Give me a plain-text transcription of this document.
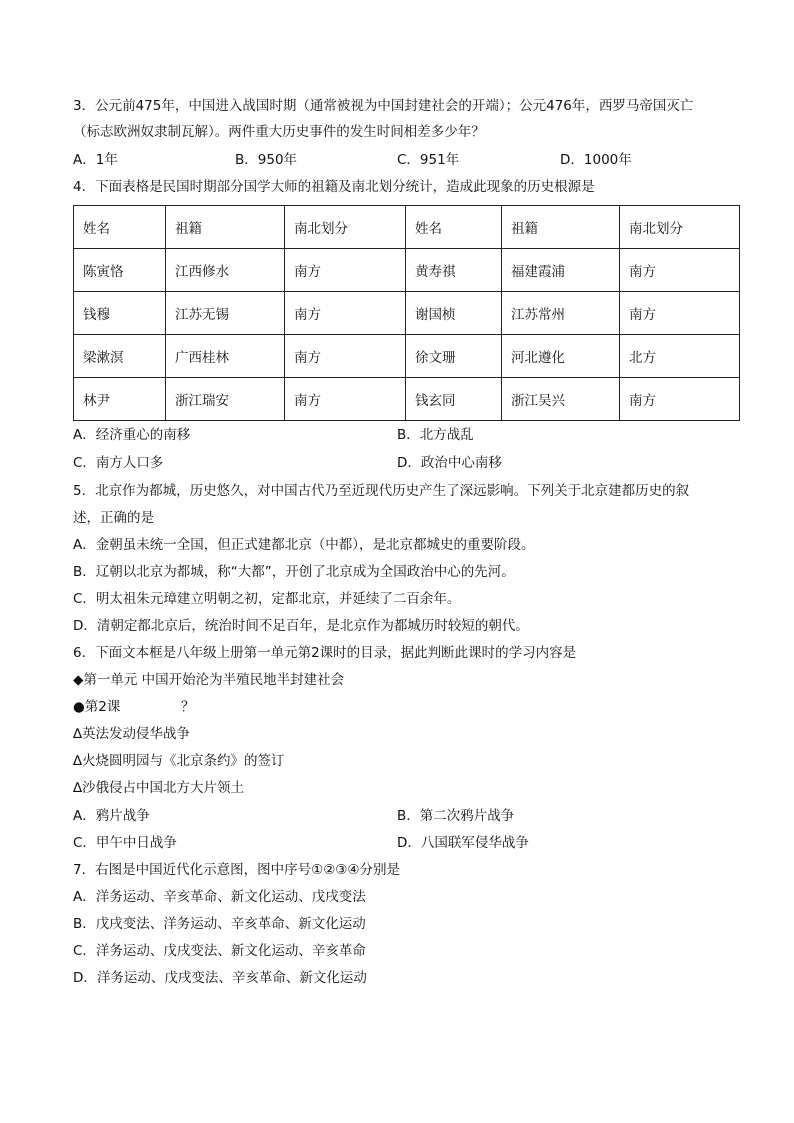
3．公元前475年，中国进入战国时期（通常被视为中国封建社会的开端）；公元476年，西罗马帝国灭亡
（标志欧洲奴隶制瓦解）。两件重大历史事件的发生时间相差多少年？
A．1年	B．950年	C．951年	D．1000年
4．下面表格是民国时期部分国学大师的祖籍及南北划分统计，造成此现象的历史根源是
姓名	祖籍	南北划分	姓名	祖籍	南北划分
陈寅恪	江西修水	南方	黄寿祺	福建霞浦	南方
钱穆	江苏无锡	南方	谢国桢	江苏常州	南方
梁漱溟	广西桂林	南方	徐文珊	河北遵化	北方
林尹	浙江瑞安	南方	钱玄同	浙江吴兴	南方
A．经济重心的南移	B．北方战乱
C．南方人口多	D．政治中心南移
5．北京作为都城，历史悠久，对中国古代乃至近现代历史产生了深远影响。下列关于北京建都历史的叙
述，正确的是
A．金朝虽未统一全国，但正式建都北京（中都），是北京都城史的重要阶段。
B．辽朝以北京为都城，称“大都”，开创了北京成为全国政治中心的先河。
C．明太祖朱元璋建立明朝之初，定都北京，并延续了二百余年。
D．清朝定都北京后，统治时间不足百年，是北京作为都城历时较短的朝代。
6．下面文本框是八年级上册第一单元第2课时的目录，据此判断此课时的学习内容是
◆第一单元 中国开始沦为半殖民地半封建社会
●第2课	？
∆英法发动侵华战争
∆火烧圆明园与《北京条约》的签订
∆沙俄侵占中国北方大片领土
A．鸦片战争	B．第二次鸦片战争
C．甲午中日战争	D．八国联军侵华战争
7．右图是中国近代化示意图，图中序号①②③④分别是
A．洋务运动、辛亥革命、新文化运动、戊戌变法
B．戊戌变法、洋务运动、辛亥革命、新文化运动
C．洋务运动、戊戌变法、新文化运动、辛亥革命
D．洋务运动、戊戌变法、辛亥革命、新文化运动
